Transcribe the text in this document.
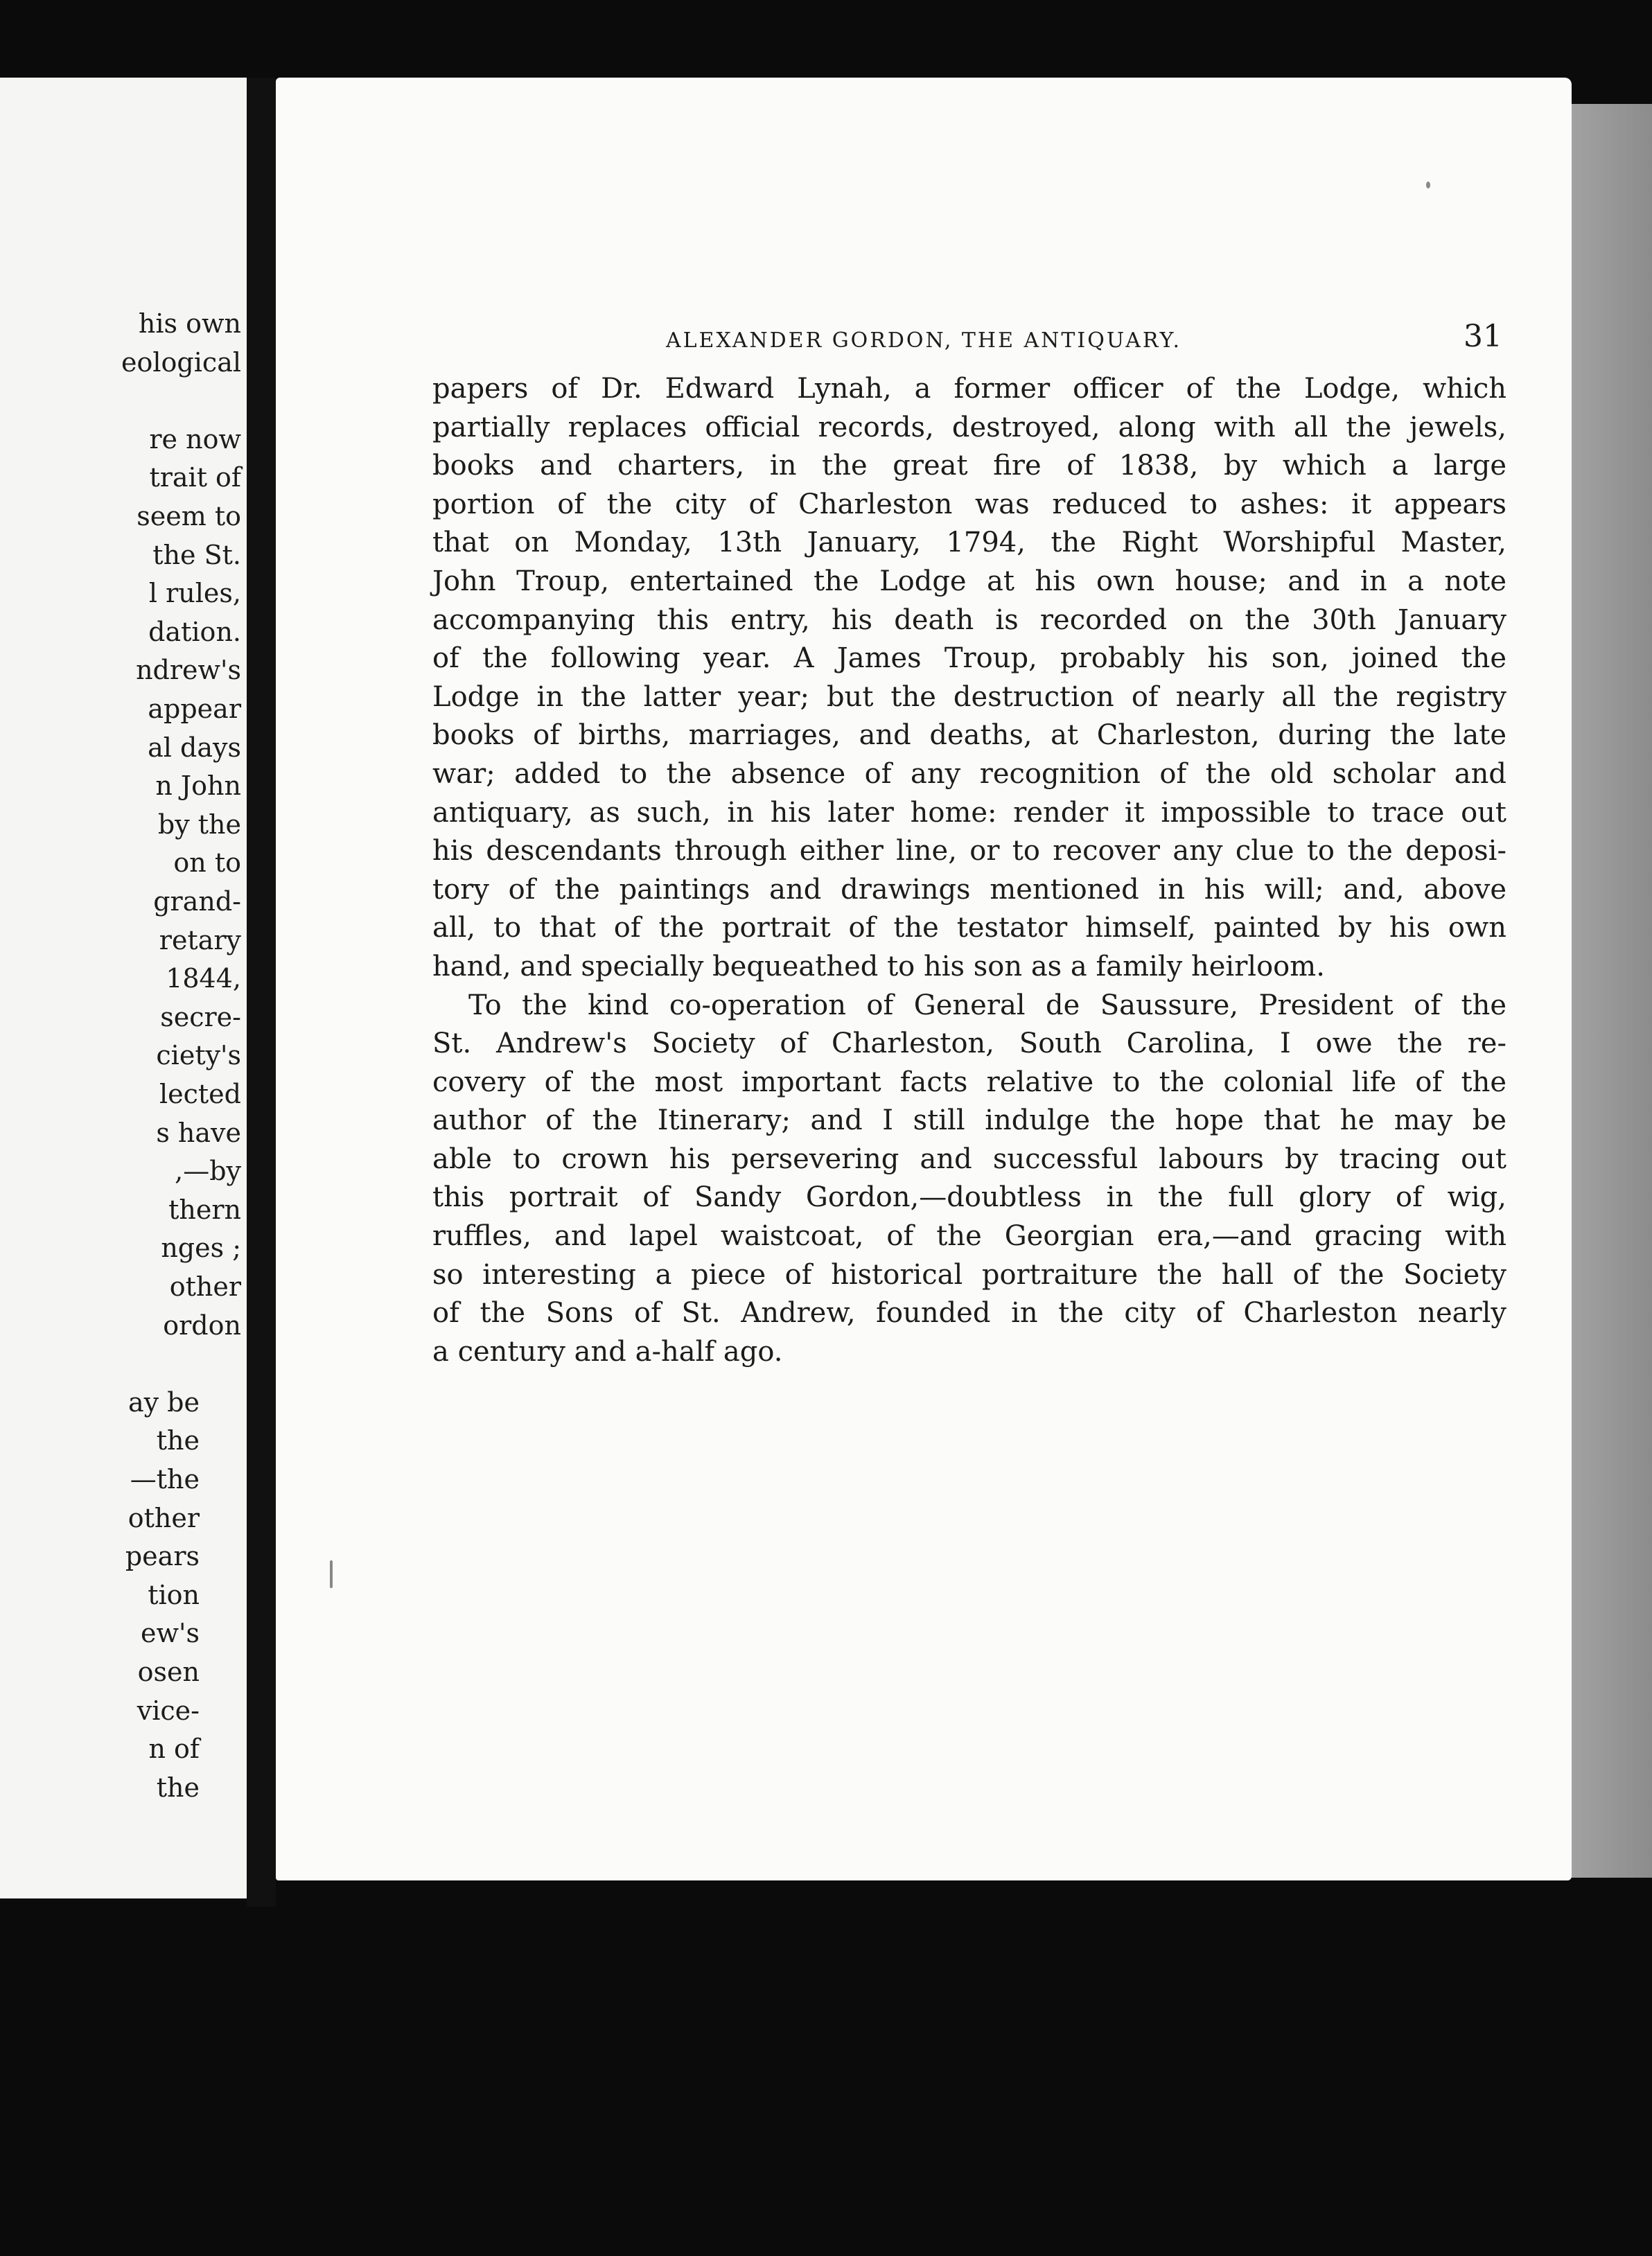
his own
eological
re now
trait of
seem to
the St.
l rules,
dation.
ndrew's
appear
al days
n John
by the
on to
grand-
retary
1844,
secre-
ciety's
lected
s have
,—by
thern
nges ;
other
ordon
ay be
the
—the
other
pears
tion
ew's
osen
vice-
n of
the
ALEXANDER GORDON, THE ANTIQUARY.	31
papers of Dr. Edward Lynah, a former officer of the Lodge, which
partially replaces official records, destroyed, along with all the jewels,
books and charters, in the great fire of 1838, by which a large
portion of the city of Charleston was reduced to ashes: it appears
that on Monday, 13th January, 1794, the Right Worshipful Master,
John Troup, entertained the Lodge at his own house; and in a note
accompanying this entry, his death is recorded on the 30th January
of the following year. A James Troup, probably his son, joined the
Lodge in the latter year; but the destruction of nearly all the registry
books of births, marriages, and deaths, at Charleston, during the late
war; added to the absence of any recognition of the old scholar and
antiquary, as such, in his later home: render it impossible to trace out
his descendants through either line, or to recover any clue to the deposi-
tory of the paintings and drawings mentioned in his will; and, above
all, to that of the portrait of the testator himself, painted by his own
hand, and specially bequeathed to his son as a family heirloom.
To the kind co-operation of General de Saussure, President of the
St. Andrew's Society of Charleston, South Carolina, I owe the re-
covery of the most important facts relative to the colonial life of the
author of the Itinerary; and I still indulge the hope that he may be
able to crown his persevering and successful labours by tracing out
this portrait of Sandy Gordon,—doubtless in the full glory of wig,
ruffles, and lapel waistcoat, of the Georgian era,—and gracing with
so interesting a piece of historical portraiture the hall of the Society
of the Sons of St. Andrew, founded in the city of Charleston nearly
a century and a-half ago.
